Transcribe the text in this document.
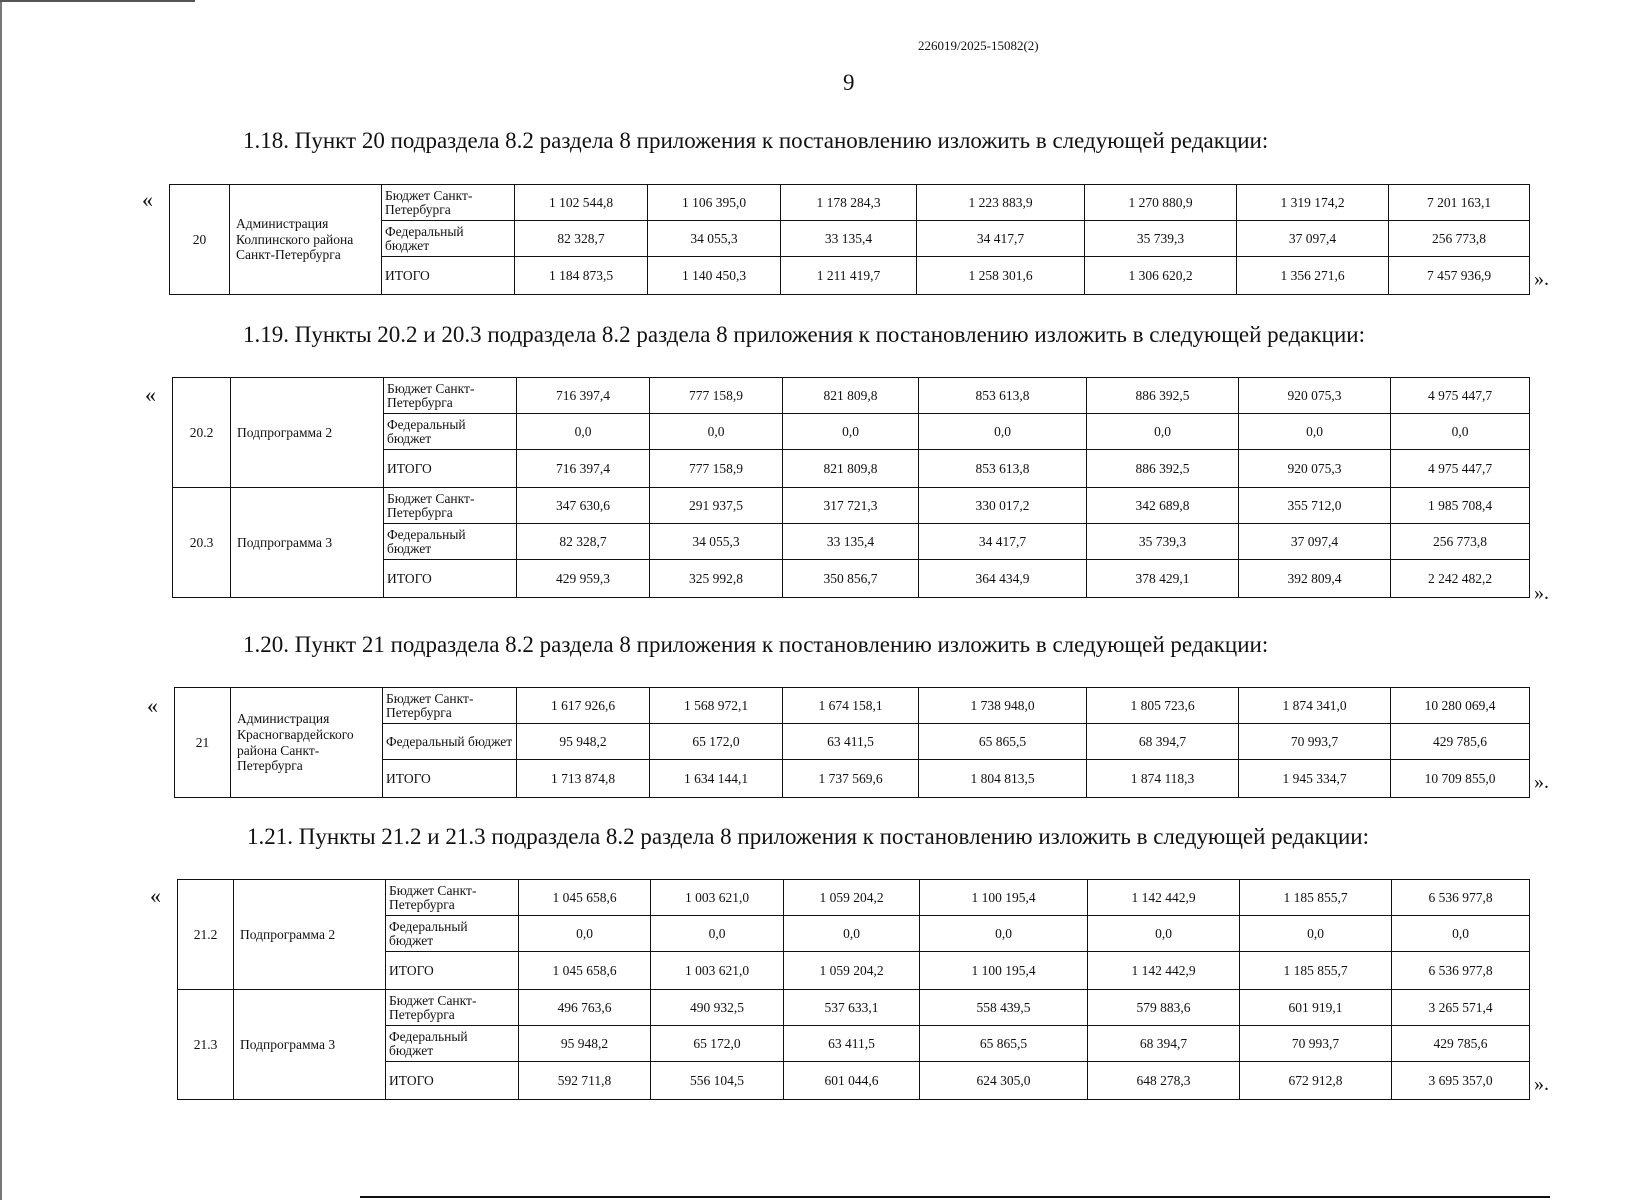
226019/2025-15082(2)
9
1.18. Пункт 20 подраздела 8.2 раздела 8 приложения к постановлению изложить в следующей редакции:
«
20	Администрация Колпинского района Санкт-Петербурга	Бюджет Санкт-Петербурга	1 102 544,8	1 106 395,0	1 178 284,3	1 223 883,9	1 270 880,9	1 319 174,2	7 201 163,1
		Федеральный бюджет	82 328,7	34 055,3	33 135,4	34 417,7	35 739,3	37 097,4	256 773,8
		ИТОГО	1 184 873,5	1 140 450,3	1 211 419,7	1 258 301,6	1 306 620,2	1 356 271,6	7 457 936,9 ».
1.19. Пункты 20.2 и 20.3 подраздела 8.2 раздела 8 приложения к постановлению изложить в следующей редакции:
«
20.2	Подпрограмма 2	Бюджет Санкт-Петербурга	716 397,4	777 158,9	821 809,8	853 613,8	886 392,5	920 075,3	4 975 447,7
		Федеральный бюджет	0,0	0,0	0,0	0,0	0,0	0,0	0,0
		ИТОГО	716 397,4	777 158,9	821 809,8	853 613,8	886 392,5	920 075,3	4 975 447,7
20.3	Подпрограмма 3	Бюджет Санкт-Петербурга	347 630,6	291 937,5	317 721,3	330 017,2	342 689,8	355 712,0	1 985 708,4
		Федеральный бюджет	82 328,7	34 055,3	33 135,4	34 417,7	35 739,3	37 097,4	256 773,8
		ИТОГО	429 959,3	325 992,8	350 856,7	364 434,9	378 429,1	392 809,4	2 242 482,2
».
1.20. Пункт 21 подраздела 8.2 раздела 8 приложения к постановлению изложить в следующей редакции:
«
21	Администрация Красногвардейского района Санкт-Петербурга	Бюджет Санкт-Петербурга	1 617 926,6	1 568 972,1	1 674 158,1	1 738 948,0	1 805 723,6	1 874 341,0	10 280 069,4
		Федеральный бюджет	95 948,2	65 172,0	63 411,5	65 865,5	68 394,7	70 993,7	429 785,6
		ИТОГО	1 713 874,8	1 634 144,1	1 737 569,6	1 804 813,5	1 874 118,3	1 945 334,7	10 709 855,0 ».
1.21. Пункты 21.2 и 21.3 подраздела 8.2 раздела 8 приложения к постановлению изложить в следующей редакции:
«
21.2	Подпрограмма 2	Бюджет Санкт-Петербурга	1 045 658,6	1 003 621,0	1 059 204,2	1 100 195,4	1 142 442,9	1 185 855,7	6 536 977,8
		Федеральный бюджет	0,0	0,0	0,0	0,0	0,0	0,0	0,0
		ИТОГО	1 045 658,6	1 003 621,0	1 059 204,2	1 100 195,4	1 142 442,9	1 185 855,7	6 536 977,8
21.3	Подпрограмма 3	Бюджет Санкт-Петербурга	496 763,6	490 932,5	537 633,1	558 439,5	579 883,6	601 919,1	3 265 571,4
		Федеральный бюджет	95 948,2	65 172,0	63 411,5	65 865,5	68 394,7	70 993,7	429 785,6
		ИТОГО	592 711,8	556 104,5	601 044,6	624 305,0	648 278,3	672 912,8	3 695 357,0 ».
